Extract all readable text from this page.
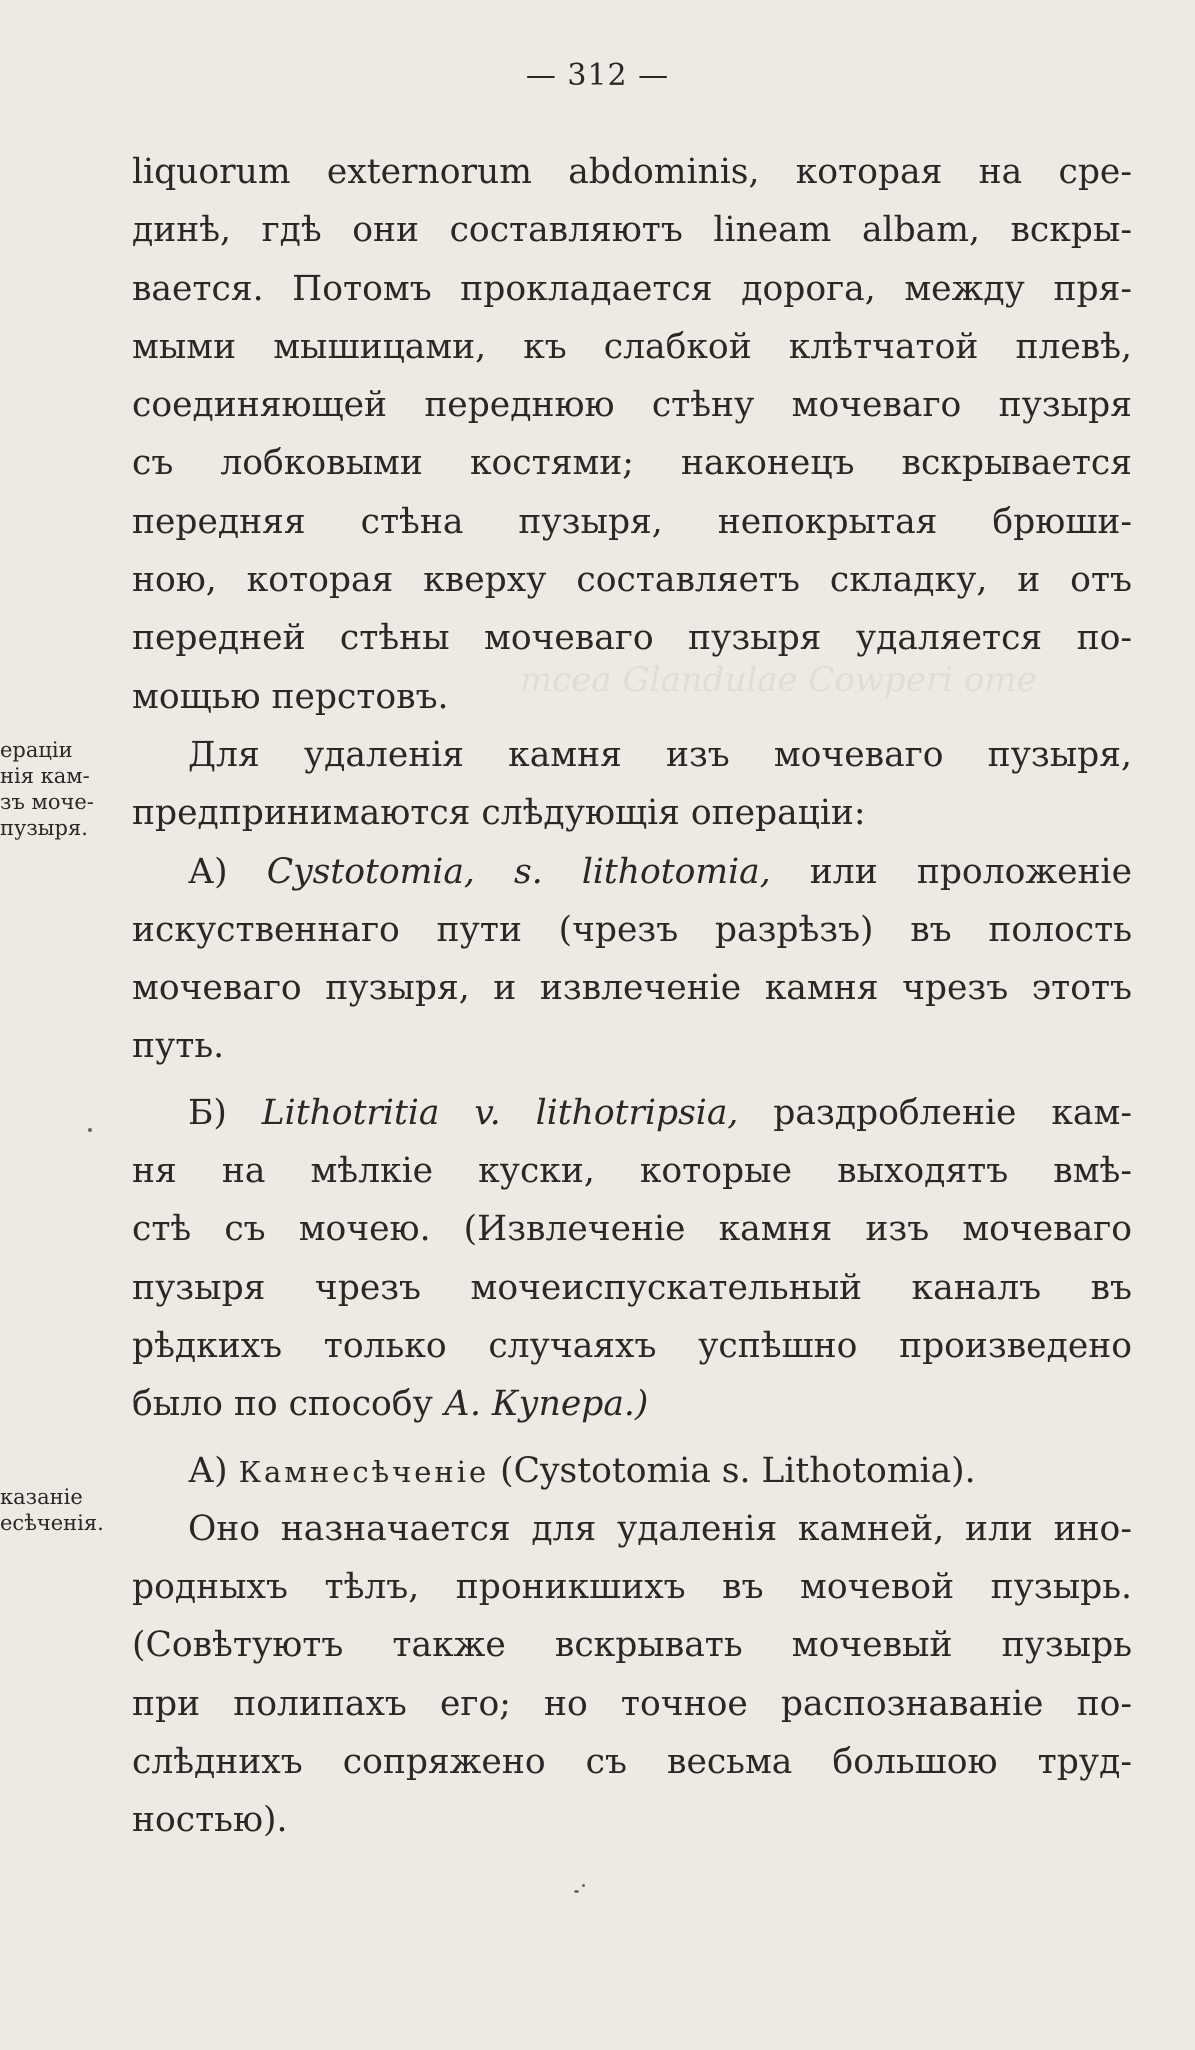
mcea Glandulae Cowperi оте
— 312 —
ераціи
нія кам-
зъ моче-
пузыря.
казаніе
есѣченія.
liquorum externorum abdominis, которая на сре-
динѣ, гдѣ они составляютъ lineam albam, вскры-
вается. Потомъ прокладается дорога, между пря-
мыми мышицами, къ слабкой клѣтчатой плевѣ,
соединяющей переднюю стѣну мочеваго пузыря
съ лобковыми костями; наконецъ вскрывается
передняя стѣна пузыря, непокрытая брюши-
ною, которая кверху составляетъ складку, и отъ
передней стѣны мочеваго пузыря удаляется по-
мощью перстовъ.
Для удаленія камня изъ мочеваго пузыря,
предпринимаются слѣдующія операціи:
А) Cystotomia, s. lithotomia, или проложеніе
искуственнаго пути (чрезъ разрѣзъ) въ полость
мочеваго пузыря, и извлеченіе камня чрезъ этотъ
путь.
Б) Lithotritia v. lithotripsia, раздробленіе кам-
ня на мѣлкіе куски, которые выходятъ вмѣ-
стѣ съ мочею. (Извлеченіе камня изъ мочеваго
пузыря чрезъ мочеиспускательный каналъ въ
рѣдкихъ только случаяхъ успѣшно произведено
было по способу А. Купера.)
А) Камнесѣченіе (Cystotomia s. Lithotomia).
Оно назначается для удаленія камней, или ино-
родныхъ тѣлъ, проникшихъ въ мочевой пузырь.
(Совѣтуютъ также вскрывать мочевый пузырь
при полипахъ его; но точное распознаваніе по-
слѣднихъ сопряжено съ весьма большою труд-
ностью).
